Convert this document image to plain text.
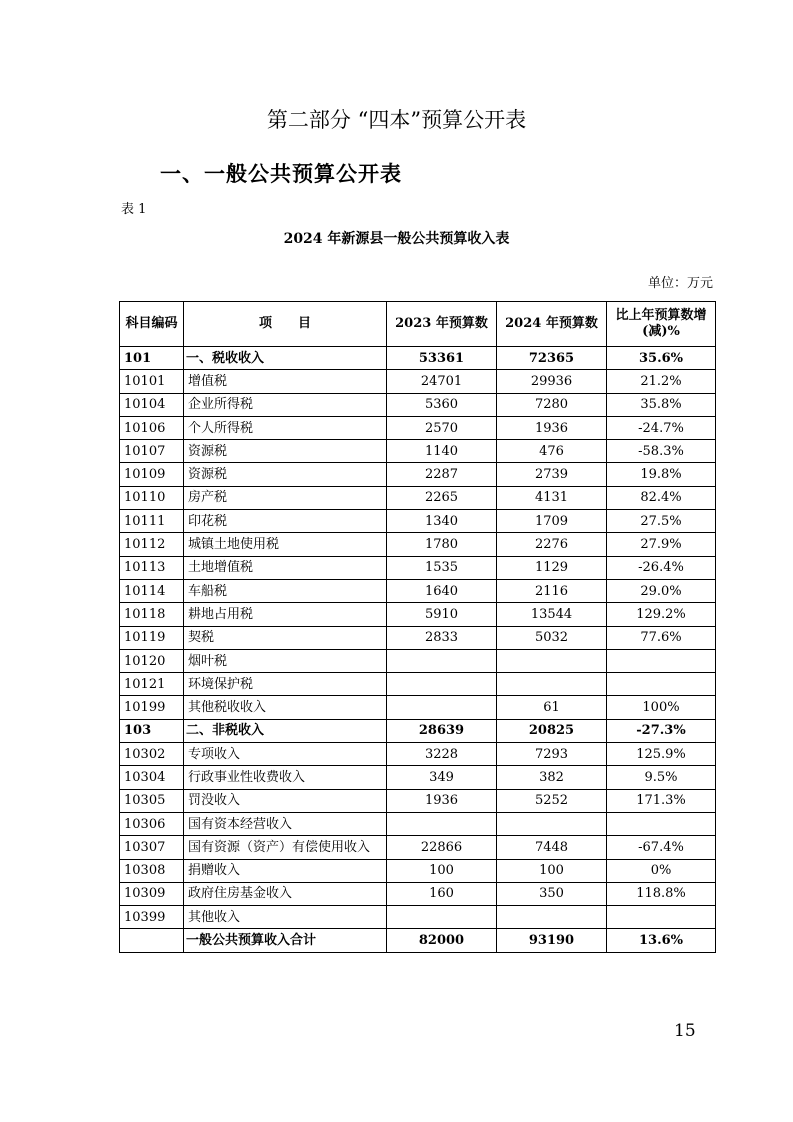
第二部分 “四本”预算公开表
一、一般公共预算公开表
表 1
2024 年新源县一般公共预算收入表
单位：万元
科目编码	项　　目	2023 年预算数	2024 年预算数	比上年预算数增(减)%
101	一、税收收入	53361	72365	35.6%
10101	增值税	24701	29936	21.2%
10104	企业所得税	5360	7280	35.8%
10106	个人所得税	2570	1936	-24.7%
10107	资源税	1140	476	-58.3%
10109	资源税	2287	2739	19.8%
10110	房产税	2265	4131	82.4%
10111	印花税	1340	1709	27.5%
10112	城镇土地使用税	1780	2276	27.9%
10113	土地增值税	1535	1129	-26.4%
10114	车船税	1640	2116	29.0%
10118	耕地占用税	5910	13544	129.2%
10119	契税	2833	5032	77.6%
10120	烟叶税			
10121	环境保护税			
10199	其他税收收入		61	100%
103	二、非税收入	28639	20825	-27.3%
10302	专项收入	3228	7293	125.9%
10304	行政事业性收费收入	349	382	9.5%
10305	罚没收入	1936	5252	171.3%
10306	国有资本经营收入			
10307	国有资源（资产）有偿使用收入	22866	7448	-67.4%
10308	捐赠收入	100	100	0%
10309	政府住房基金收入	160	350	118.8%
10399	其他收入			
	一般公共预算收入合计	82000	93190	13.6%
15
